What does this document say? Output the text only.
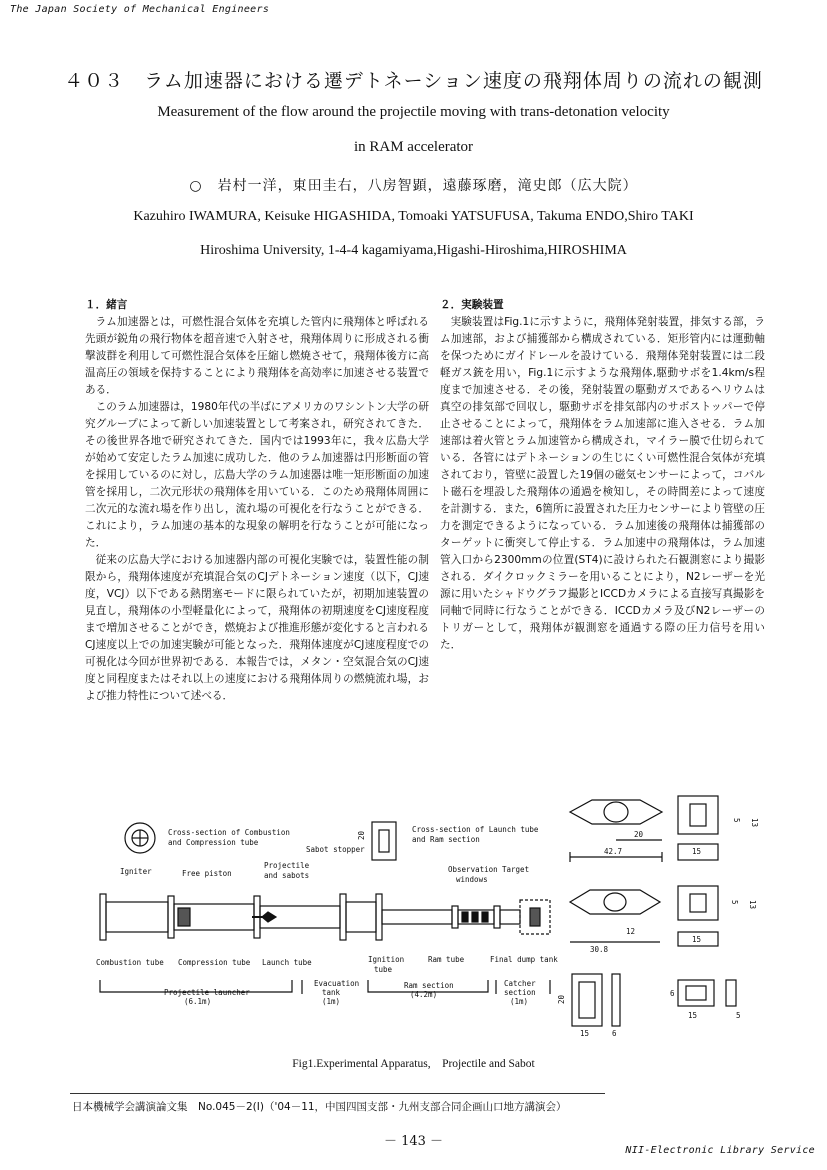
The Japan Society of Mechanical Engineers
４０３　ラム加速器における遷デトネーション速度の飛翔体周りの流れの観測
Measurement of the flow around the projectile moving with trans-detonation velocity
in RAM accelerator
○　岩村一洋，東田圭右，八房智顕，遠藤琢磨，滝史郎（広大院）
Kazuhiro IWAMURA, Keisuke HIGASHIDA, Tomoaki YATSUFUSA, Takuma ENDO,Shiro TAKI
Hiroshima University, 1-4-4 kagamiyama,Higashi-Hiroshima,HIROSHIMA
１．緒言

ラム加速器とは，可燃性混合気体を充填した管内に飛翔体と呼ばれる先頭が鋭角の飛行物体を超音速で入射させ，飛翔体周りに形成される衝撃波群を利用して可燃性混合気体を圧縮し燃焼させて，飛翔体後方に高温高圧の領域を保持することにより飛翔体を高効率に加速させる装置である．

このラム加速器は，1980年代の半ばにアメリカのワシントン大学の研究グループによって新しい加速装置として考案され，研究されてきた．その後世界各地で研究されてきた．国内では1993年に，我々広島大学が始めて安定したラム加速に成功した．他のラム加速器は円形断面の管を採用しているのに対し，広島大学のラム加速器は唯一矩形断面の加速管を採用し，二次元形状の飛翔体を用いている．このため飛翔体周囲に二次元的な流れ場を作り出し，流れ場の可視化を行なうことができる．これにより，ラム加速の基本的な現象の解明を行なうことが可能になった．

従来の広島大学における加速器内部の可視化実験では，装置性能の制限から，飛翔体速度が充填混合気のCJデトネーション速度（以下，CJ速度，VCJ）以下である熱閉塞モードに限られていたが，初期加速装置の見直し，飛翔体の小型軽量化によって，飛翔体の初期速度をCJ速度程度まで増加させることができ，燃焼および推進形態が変化すると言われるCJ速度以上での加速実験が可能となった．飛翔体速度がCJ速度程度での可視化は今回が世界初である．本報告では，メタン・空気混合気のCJ速度と同程度またはそれ以上の速度における飛翔体周りの燃焼流れ場，および推力特性について述べる．

２．実験装置

実験装置はFig.1に示すように，飛翔体発射装置，排気する部，ラム加速部，および捕獲部から構成されている．矩形管内には運動軸を保つためにガイドレールを設けている．飛翔体発射装置には二段軽ガス銃を用い，Fig.1に示すような飛翔体,駆動サボを1.4km/s程度まで加速させる．その後，発射装置の駆動ガスであるヘリウムは真空の排気部で回収し，駆動サボを排気部内のサボストッパーで停止させることによって，飛翔体をラム加速部に進入させる．ラム加速部は着火管とラム加速管から構成され，マイラー膜で仕切られている．各管にはデトネーションの生じにくい可燃性混合気体が充填されており，管壁に設置した19個の磁気センサーによって，コバルト磁石を埋設した飛翔体の通過を検知し，その時間差によって速度を計測する．また，6箇所に設置された圧力センサーにより管壁の圧力を測定できるようになっている．ラム加速後の飛翔体は捕獲部のターゲットに衝突して停止する．ラム加速中の飛翔体は，ラム加速管入口から2300mmの位置(ST4)に設けられた石観測窓により撮影される．ダイクロックミラーを用いることにより，N2レーザーを光源に用いたシャドウグラフ撮影とICCDカメラによる直接写真撮影を同軸で同時に行なうことができる．ICCDカメラ及びN2レーザーのトリガーとして，飛翔体が観測窓を通過する際の圧力信号を用いた．

Cross-section of Combustion
and Compression tube
20
Sabot stopper
Cross-section of Launch tube
and Ram section
Igniter	Free piston
Projectile
and sabots
Observation
windows
Target
Combustion tube Compression tube Launch tube	Ignition
tube
Ram tube	Final dump tank
Projectile launcher
(6.1m)
Evacuation
tank
(1m)
Ram section
(4.2m)
Catcher
section
(1m)
42.7
20
5 13
15
30.8
12
5 13
15
20
15	6
6
15	5
Fig1.Experimental Apparatus,　Projectile and Sabot
日本機械学会講演論文集　No.045－2(Ⅰ)（'04－11，中国四国支部・九州支部合同企画山口地方講演会）
－ 143 －
NII-Electronic Library Service
